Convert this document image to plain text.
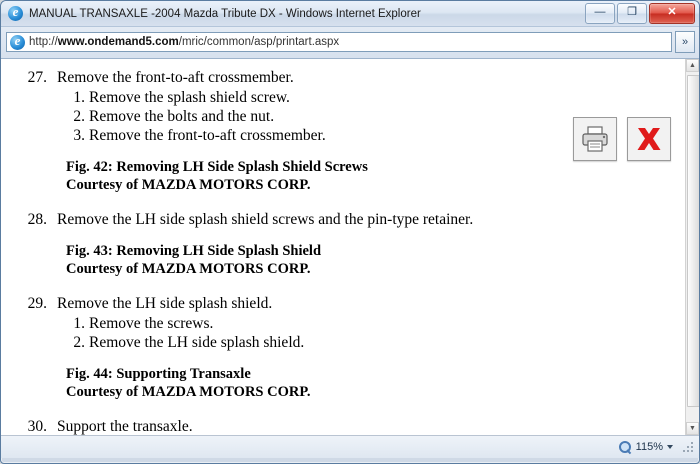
e
MANUAL TRANSAXLE -2004 Mazda Tribute DX - Windows Internet Explorer	—	❐	✕
e
http://www.ondemand5.com/mric/common/asp/printart.aspx	»
27. Remove the front-to-aft crossmember.
1. Remove the splash shield screw.
2. Remove the bolts and the nut.
3. Remove the front-to-aft crossmember.
Fig. 42: Removing LH Side Splash Shield Screws
Courtesy of MAZDA MOTORS CORP.
28. Remove the LH side splash shield screws and the pin-type retainer.
Fig. 43: Removing LH Side Splash Shield
Courtesy of MAZDA MOTORS CORP.
29. Remove the LH side splash shield.
1. Remove the screws.
2. Remove the LH side splash shield.
Fig. 44: Supporting Transaxle
Courtesy of MAZDA MOTORS CORP.
30. Support the transaxle.
▲
▼
115%
